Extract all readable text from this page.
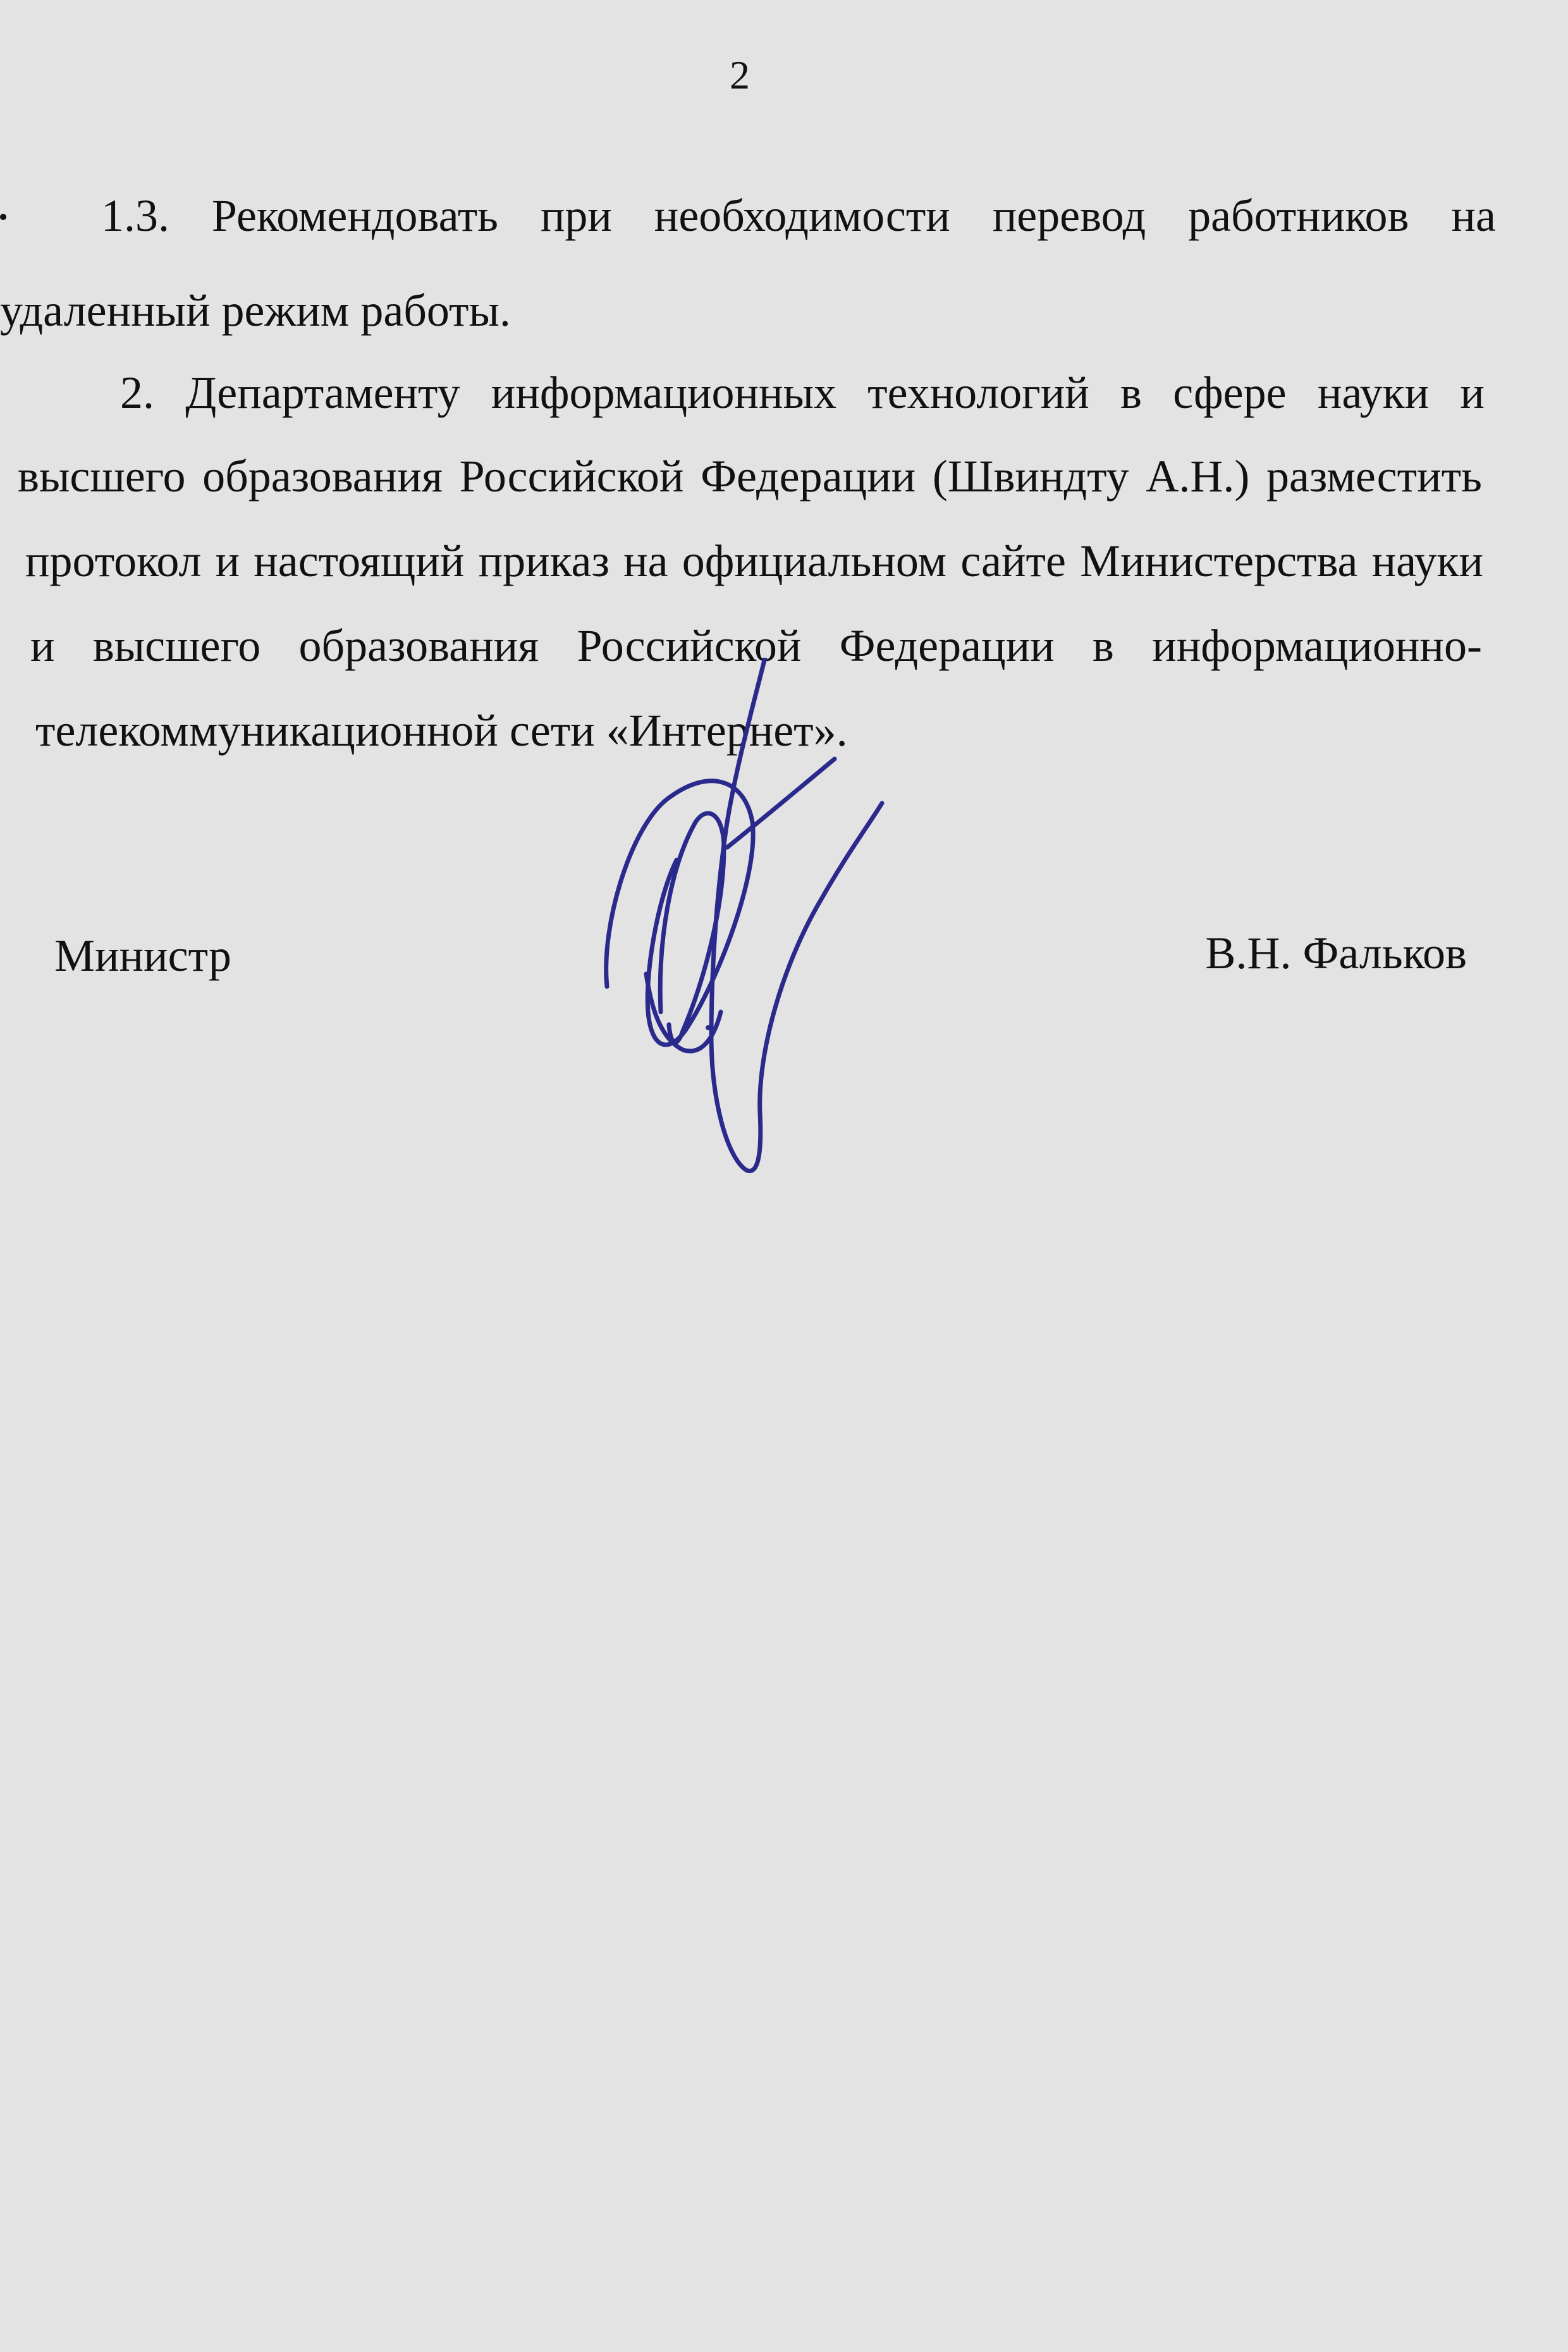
2
1.3. Рекомендовать при необходимости перевод работников на
удаленный режим работы.
2. Департаменту информационных технологий в сфере науки и
высшего образования Российской Федерации (Швиндту А.Н.) разместить
протокол и настоящий приказ на официальном сайте Министерства науки
и высшего образования Российской Федерации в информационно-
телекоммуникационной сети «Интернет».
Министр	В.Н. Фальков
